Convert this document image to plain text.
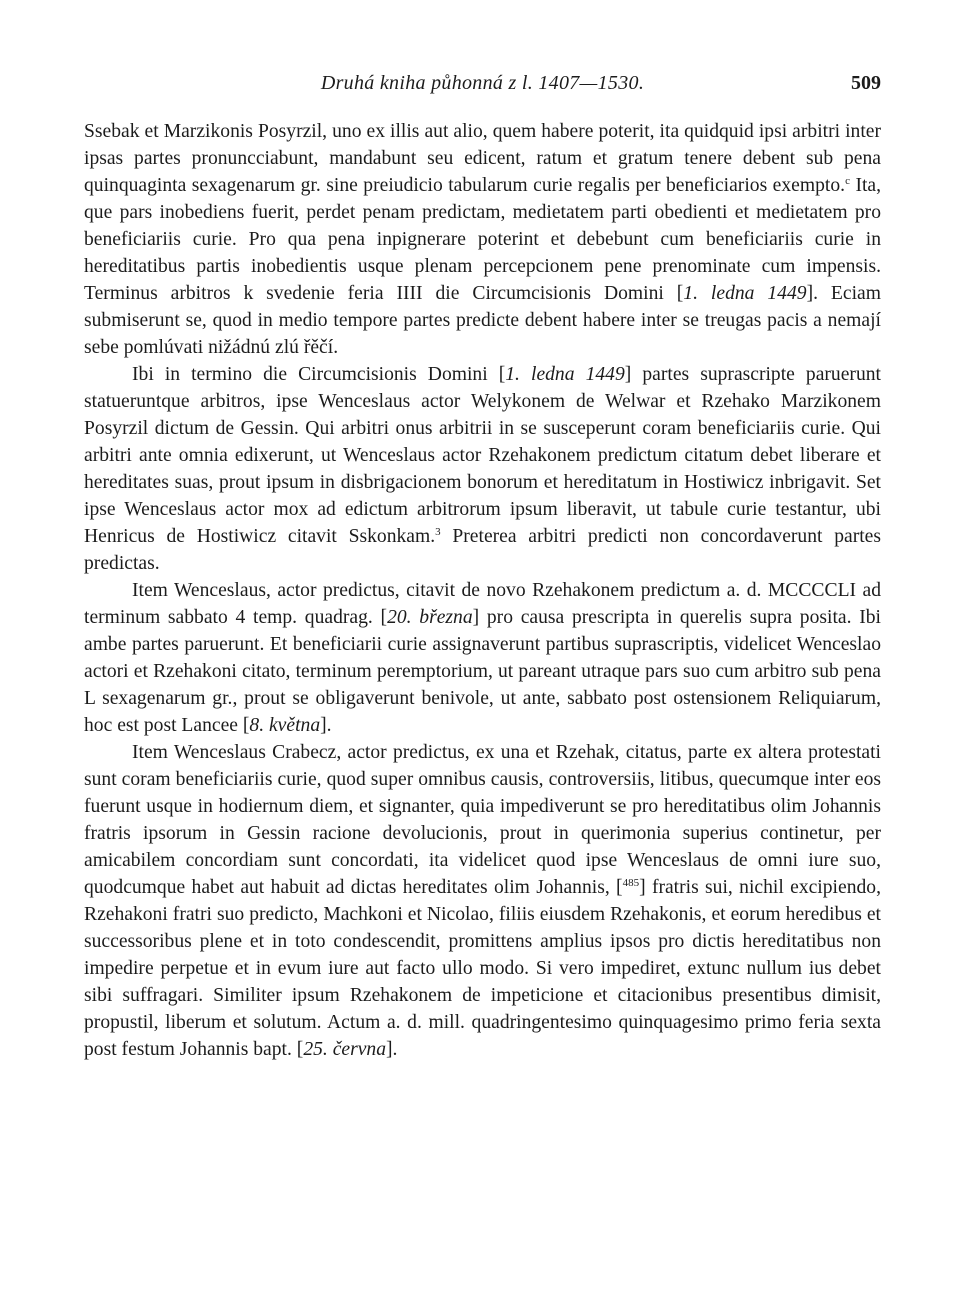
Druhá kniha půhonná z l. 1407—1530.	509

Ssebak et Marzikonis Posyrzil, uno ex illis aut alio, quem habere poterit, ita quidquid ipsi arbitri inter ipsas partes pronuncciabunt, mandabunt seu edicent, ratum et gratum tenere debent sub pena quinquaginta sexagenarum gr. sine preiudicio tabularum curie regalis per beneficiarios exempto.$^c$ Ita, que pars inobediens fuerit, perdet penam predictam, medietatem parti obedienti et medietatem pro beneficiariis curie. Pro qua pena inpignerare poterint et debebunt cum beneficiariis curie in hereditatibus partis inobedientis usque plenam percepcionem pene prenominate cum impensis. Terminus arbitros k svedenie feria IIII die Circumcisionis Domini [1. ledna 1449]. Eciam submiserunt se, quod in medio tempore partes predicte debent habere inter se treugas pacis a nemají sebe pomlúvati nižádnú zlú řěčí.

Ibi in termino die Circumcisionis Domini [1. ledna 1449] partes suprascripte paruerunt statueruntque arbitros, ipse Wenceslaus actor Welykonem de Welwar et Rzehako Marzikonem Posyrzil dictum de Gessin. Qui arbitri onus arbitrii in se susceperunt coram beneficiariis curie. Qui arbitri ante omnia edixerunt, ut Wenceslaus actor Rzehakonem predictum citatum debet liberare et hereditates suas, prout ipsum in disbrigacionem bonorum et hereditatum in Hostiwicz inbrigavit. Set ipse Wenceslaus actor mox ad edictum arbitrorum ipsum liberavit, ut tabule curie testantur, ubi Henricus de Hostiwicz citavit Sskonkam.$^3$ Preterea arbitri predicti non concordaverunt partes predictas.

Item Wenceslaus, actor predictus, citavit de novo Rzehakonem predictum a. d. MCCCCLI ad terminum sabbato 4 temp. quadrag. [20. března] pro causa prescripta in querelis supra posita. Ibi ambe partes paruerunt. Et beneficiarii curie assignaverunt partibus suprascriptis, videlicet Wenceslao actori et Rzehakoni citato, terminum peremptorium, ut pareant utraque pars suo cum arbitro sub pena L sexagenarum gr., prout se obligaverunt benivole, ut ante, sabbato post ostensionem Reliquiarum, hoc est post Lancee [8. května].

Item Wenceslaus Crabecz, actor predictus, ex una et Rzehak, citatus, parte ex altera protestati sunt coram beneficiariis curie, quod super omnibus causis, controversiis, litibus, quecumque inter eos fuerunt usque in hodiernum diem, et signanter, quia impediverunt se pro hereditatibus olim Johannis fratris ipsorum in Gessin racione devolucionis, prout in querimonia superius continetur, per amicabilem concordiam sunt concordati, ita videlicet quod ipse Wenceslaus de omni iure suo, quodcumque habet aut habuit ad dictas hereditates olim Johannis, [$^{485}$] fratris sui, nichil excipiendo, Rzehakoni fratri suo predicto, Machkoni et Nicolao, filiis eiusdem Rzehakonis, et eorum heredibus et successoribus plene et in toto condescendit, promittens amplius ipsos pro dictis hereditatibus non impedire perpetue et in evum iure aut facto ullo modo. Si vero impediret, extunc nullum ius debet sibi suffragari. Similiter ipsum Rzehakonem de impeticione et citacionibus presentibus dimisit, propustil, liberum et solutum. Actum a. d. mill. quadringentesimo quinquagesimo primo feria sexta post festum Johannis bapt. [25. června].
